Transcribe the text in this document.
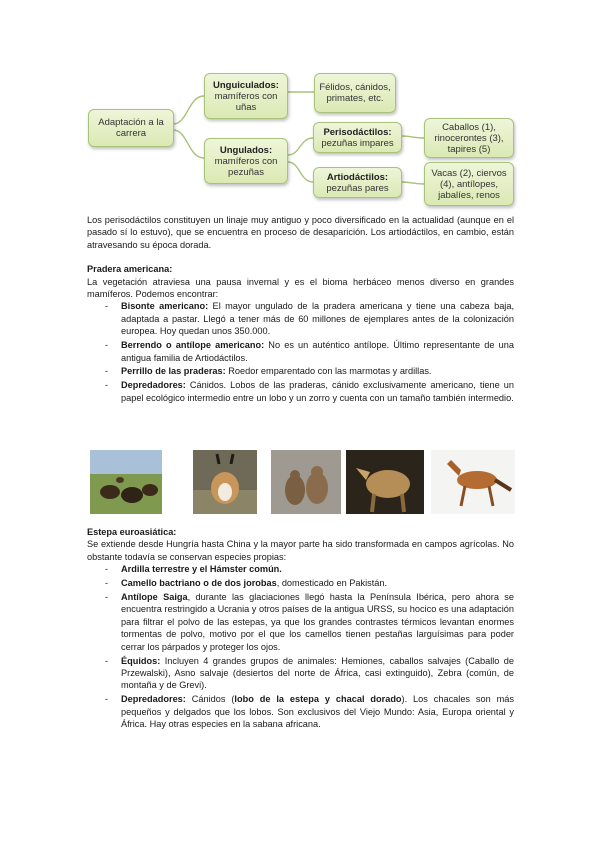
Adaptación a la carrera
Unguiculados:
mamíferos con uñas
Félidos, cánidos, primates, etc.
Ungulados:
mamíferos con pezuñas
Perisodáctilos:
pezuñas impares
Caballos (1), rinocerontes (3), tapires (5)
Artiodáctilos:
pezuñas pares
Vacas (2), ciervos (4), antílopes, jabalíes, renos

Los perisodáctilos constituyen un linaje muy antiguo y poco diversificado en la actualidad (aunque en el pasado sí lo estuvo), que se encuentra en proceso de desaparición. Los artiodáctilos, en cambio, están atravesando su época dorada.

Pradera americana:

La vegetación atraviesa una pausa invernal y es el bioma herbáceo menos diverso en grandes mamíferos. Podemos encontrar:

- Bisonte americano: El mayor ungulado de la pradera americana y tiene una cabeza baja, adaptada a pastar. Llegó a tener más de 60 millones de ejemplares antes de la colonización europea. Hoy quedan unos 350.000.
- Berrendo o antílope americano: No es un auténtico antílope. Último representante de una antigua familia de Artiodáctilos.
- Perrillo de las praderas: Roedor emparentado con las marmotas y ardillas.
- Depredadores: Cánidos. Lobos de las praderas, cánido exclusivamente americano, tiene un papel ecológico intermedio entre un lobo y un zorro y cuenta con un tamaño también intermedio.

Estepa euroasiática:

Se extiende desde Hungría hasta China y la mayor parte ha sido transformada en campos agrícolas. No obstante todavía se conservan especies propias:

- Ardilla terrestre y el Hámster común.
- Camello bactriano o de dos jorobas, domesticado en Pakistán.
- Antílope Saiga, durante las glaciaciones llegó hasta la Península Ibérica, pero ahora se encuentra restringido a Ucrania y otros países de la antigua URSS, su hocico es una adaptación para filtrar el polvo de las estepas, ya que los grandes contrastes térmicos levantan enormes tormentas de polvo, motivo por el que los camellos tienen pestañas larguísimas para poder cerrar los párpados y proteger los ojos.
- Équidos: Incluyen 4 grandes grupos de animales: Hemiones, caballos salvajes (Caballo de Przewalski), Asno salvaje (desiertos del norte de África, casi extinguido), Zebra (común, de montaña y de Grevi).
- Depredadores: Cánidos (lobo de la estepa y chacal dorado). Los chacales son más pequeños y delgados que los lobos. Son exclusivos del Viejo Mundo: Asia, Europa oriental y África. Hay otras especies en la sabana africana.
